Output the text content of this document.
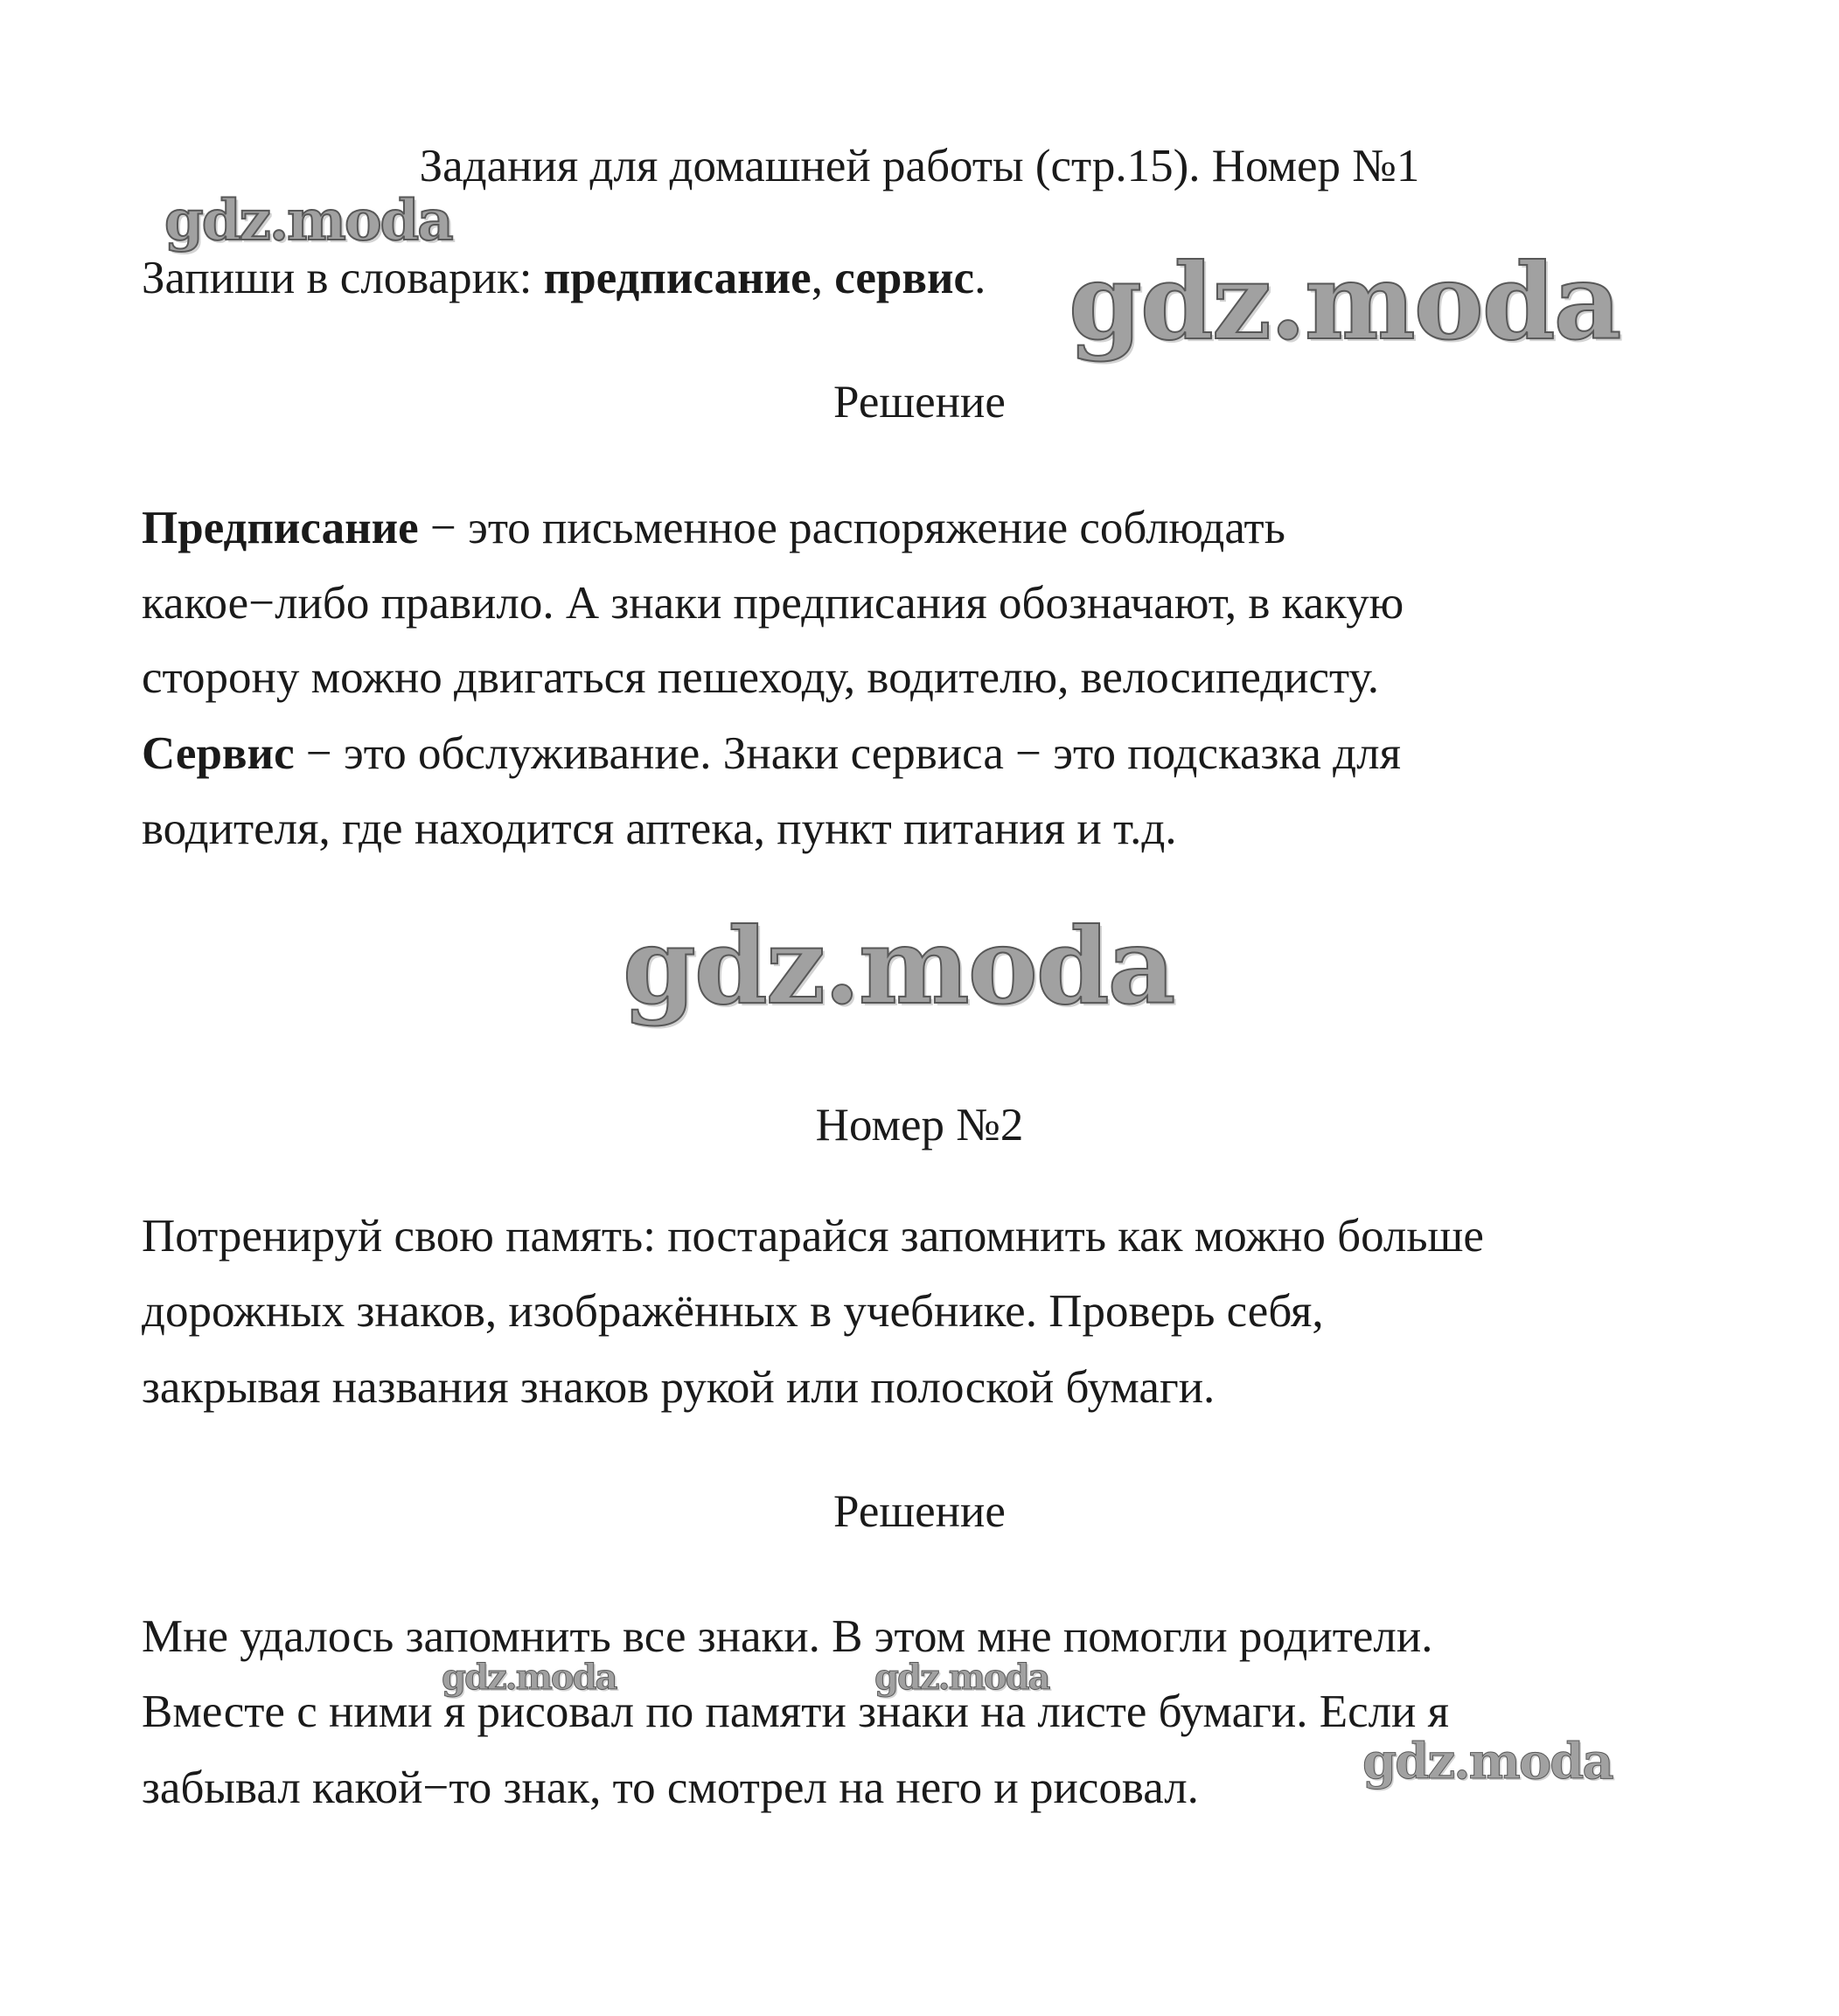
Задания для домашней работы (стр.15). Номер №1
Запиши в словарик: предписание, сервис.
Решение
Предписание − это письменное распоряжение соблюдать
какое−либо правило. А знаки предписания обозначают, в какую
сторону можно двигаться пешеходу, водителю, велосипедисту.
Сервис − это обслуживание. Знаки сервиса − это подсказка для
водителя, где находится аптека, пункт питания и т.д.
Номер №2
Потренируй свою память: постарайся запомнить как можно больше
дорожных знаков, изображённых в учебнике. Проверь себя,
закрывая названия знаков рукой или полоской бумаги.
Решение
Мне удалось запомнить все знаки. В этом мне помогли родители.
Вместе с ними я рисовал по памяти знаки на листе бумаги. Если я
забывал какой−то знак, то смотрел на него и рисовал.
gdz.moda
gdz.moda
gdz.moda
gdz.moda	gdz.moda
gdz.moda
